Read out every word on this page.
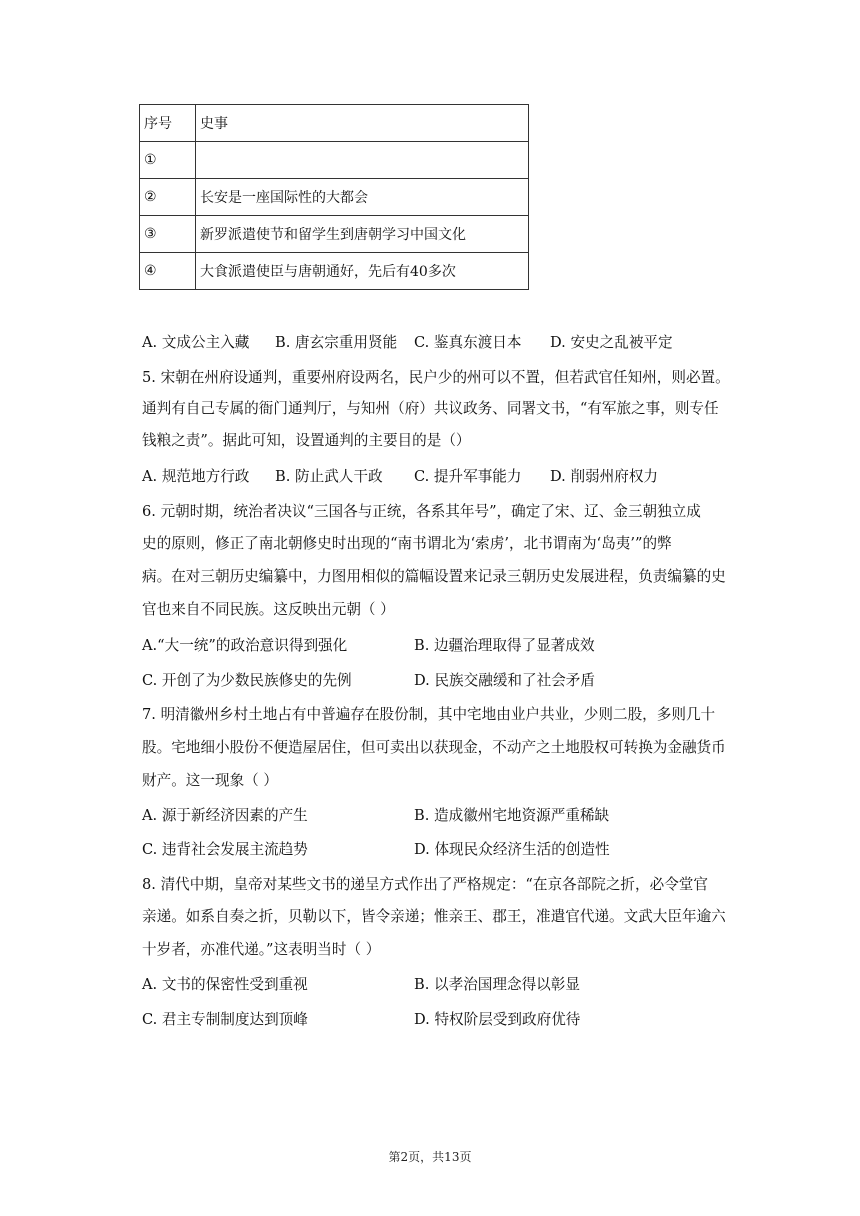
序号	史事
①	
②	长安是一座国际性的大都会
③	新罗派遣使节和留学生到唐朝学习中国文化
④	大食派遣使臣与唐朝通好，先后有40多次
A. 文成公主入藏 B. 唐玄宗重用贤能 C. 鉴真东渡日本 D. 安史之乱被平定
5. 宋朝在州府设通判，重要州府设两名，民户少的州可以不置，但若武官任知州，则必置。
通判有自己专属的衙门通判厅，与知州（府）共议政务、同署文书，“有军旅之事，则专任
钱粮之责”。据此可知，设置通判的主要目的是（）
A. 规范地方行政 B. 防止武人干政 C. 提升军事能力 D. 削弱州府权力
6. 元朝时期，统治者决议“三国各与正统，各系其年号”，确定了宋、辽、金三朝独立成
史的原则，修正了南北朝修史时出现的“南书谓北为‘索虏’，北书谓南为‘岛夷’”的弊
病。在对三朝历史编纂中，力图用相似的篇幅设置来记录三朝历史发展进程，负责编纂的史
官也来自不同民族。这反映出元朝（ ）
A.“大一统”的政治意识得到强化	B. 边疆治理取得了显著成效
C. 开创了为少数民族修史的先例	D. 民族交融缓和了社会矛盾
7. 明清徽州乡村土地占有中普遍存在股份制，其中宅地由业户共业，少则二股，多则几十
股。宅地细小股份不便造屋居住，但可卖出以获现金，不动产之土地股权可转换为金融货币
财产。这一现象（ ）
A. 源于新经济因素的产生	B. 造成徽州宅地资源严重稀缺
C. 违背社会发展主流趋势	D. 体现民众经济生活的创造性
8. 清代中期，皇帝对某些文书的递呈方式作出了严格规定：“在京各部院之折，必令堂官
亲递。如系自奏之折，贝勒以下，皆令亲递；惟亲王、郡王，准遣官代递。文武大臣年逾六
十岁者，亦准代递。”这表明当时（ ）
A. 文书的保密性受到重视	B. 以孝治国理念得以彰显
C. 君主专制制度达到顶峰	D. 特权阶层受到政府优待
第2页，共13页
